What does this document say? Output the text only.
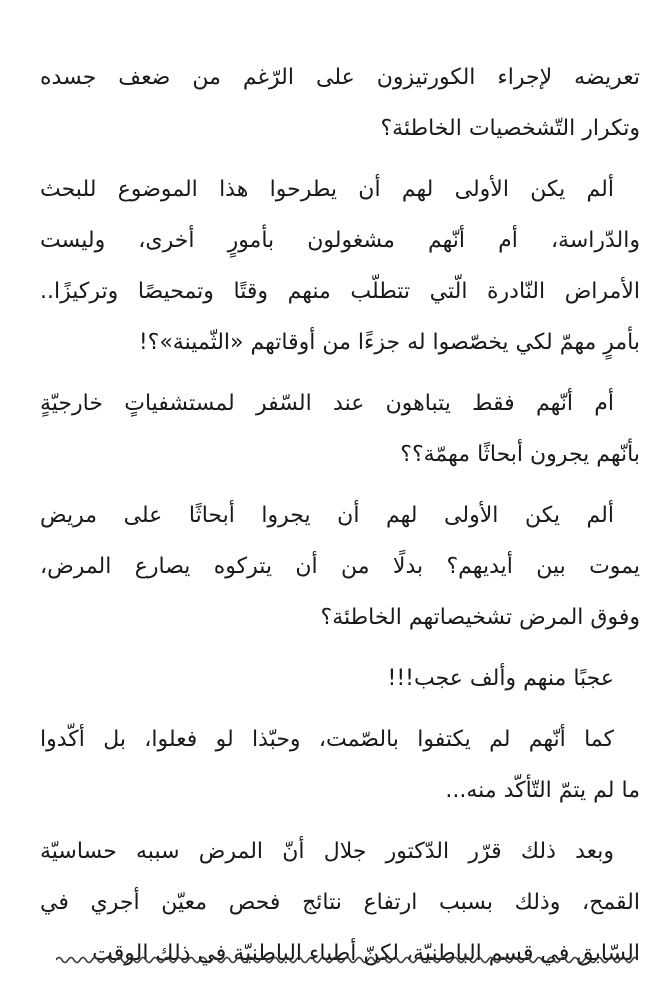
تعريضه لإجراء الكورتيزون على الرّغم من ضعف جسده
وتكرار التّشخصيات الخاطئة؟

ألم يكن الأولى لهم أن يطرحوا هذا الموضوع للبحث
والدّراسة، أم أنّهم مشغولون بأمورٍ أخرى، وليست
الأمراض النّادرة الّتي تتطلّب منهم وقتًا وتمحيصًا وتركيزًا..
بأمرٍ مهمّ لكي يخصّصوا له جزءًا من أوقاتهم «الثّمينة»؟!

أم أنّهم فقط يتباهون عند السّفر لمستشفياتٍ خارجيّةٍ
بأنّهم يجرون أبحاثًا مهمّة؟؟

ألم يكن الأولى لهم أن يجروا أبحاثًا على مريض
يموت بين أيديهم؟ بدلًا من أن يتركوه يصارع المرض،
وفوق المرض تشخيصاتهم الخاطئة؟

عجبًا منهم وألف عجب!!!

كما أنّهم لم يكتفوا بالصّمت، وحبّذا لو فعلوا، بل أكّدوا
ما لم يتمّ التّأكّد منه...

وبعد ذلك قرّر الدّكتور جلال أنّ المرض سببه حساسيّة
القمح، وذلك بسبب ارتفاع نتائج فحص معيّن أجري في
السّابق في قسم الباطنيّة، لكنّ أطباء الباطنيّة في ذلك الوقت
